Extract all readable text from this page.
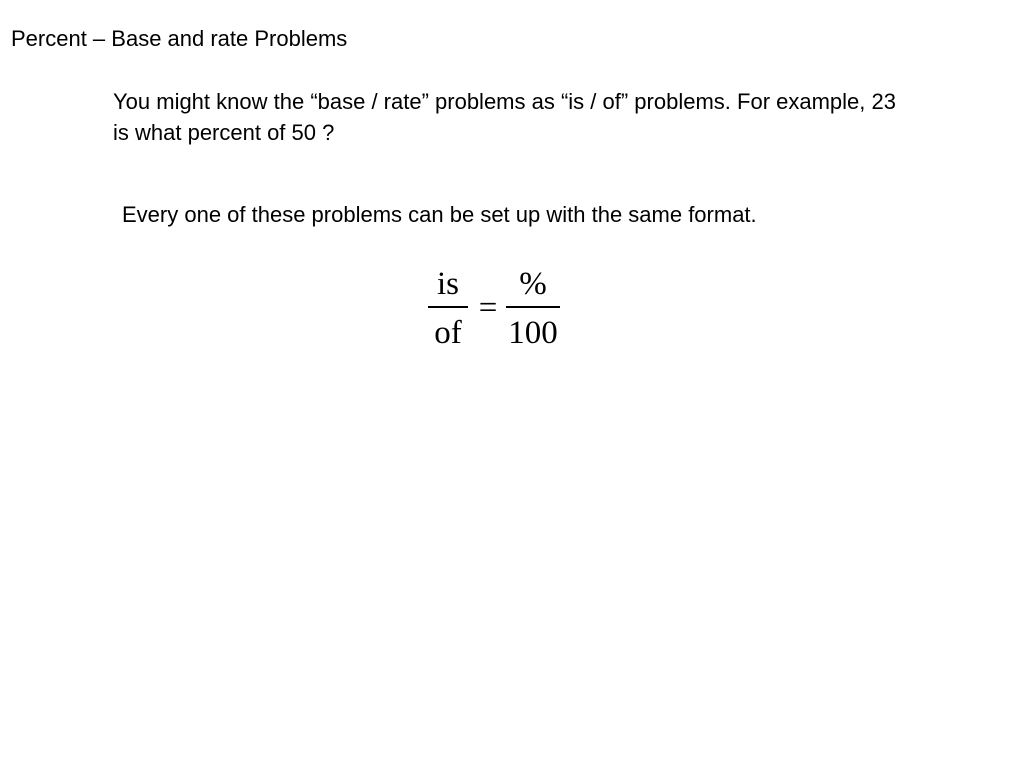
Percent – Base and rate Problems
You might know the “base / rate” problems as “is / of” problems. For example, 23 is what percent of 50 ?
Every one of these problems can be set up with the same format.
is
of
=
%
100
